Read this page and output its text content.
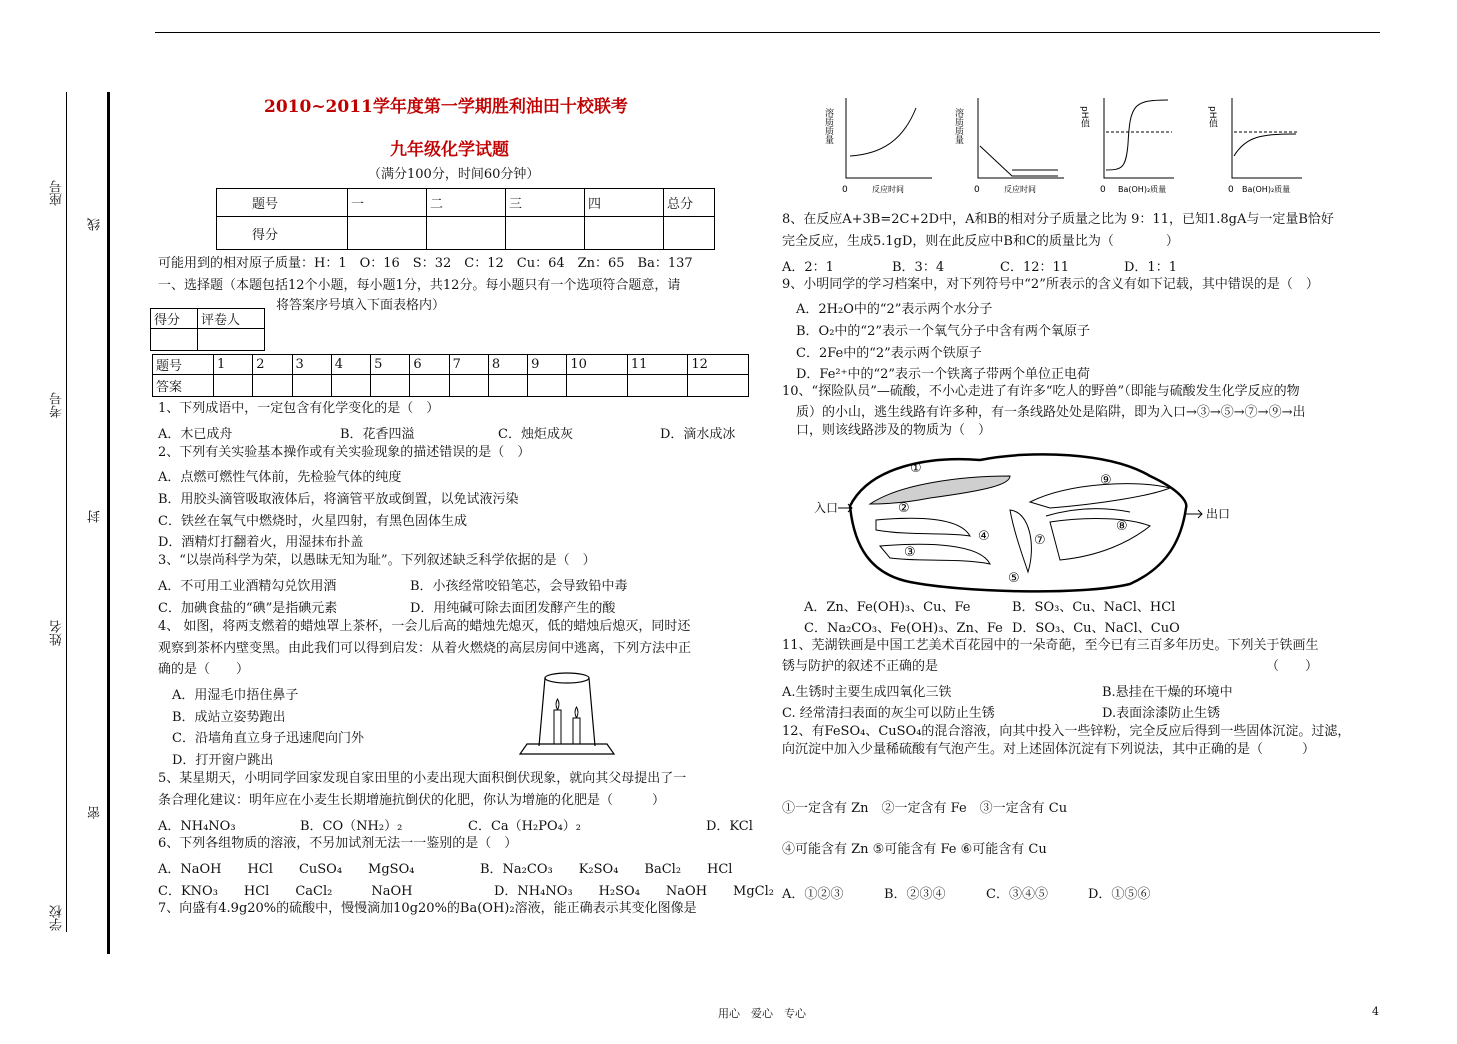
座号
考号
姓名
学校
线
封
密
2010~2011学年度第一学期胜利油田十校联考
九年级化学试题
（满分100分，时间60分钟）
题号	一	二	三	四	总分
得分					
可能用到的相对原子质量：H：1　O：16　S：32　C：12　Cu：64　Zn：65　Ba：137
一、选择题（本题包括12个小题，每小题1分，共12分。每小题只有一个选项符合题意，请
将答案序号填入下面表格内）
得分	评卷人

题号	1	2	3	4	5	6	7	8	9	10	11	12
答案												
1、下列成语中，一定包含有化学变化的是（　）
A．木已成舟	B．花香四溢	C．烛炬成灰	D．滴水成冰
2、下列有关实验基本操作或有关实验现象的描述错误的是（　）
A．点燃可燃性气体前，先检验气体的纯度
B．用胶头滴管吸取液体后，将滴管平放或倒置，以免试液污染
C．铁丝在氧气中燃烧时，火星四射，有黑色固体生成
D．酒精灯打翻着火，用湿抹布扑盖
3、“以崇尚科学为荣，以愚昧无知为耻”。下列叙述缺乏科学依据的是（　）
A．不可用工业酒精勾兑饮用酒	B．小孩经常咬铅笔芯，会导致铅中毒
C．加碘食盐的“碘”是指碘元素	D．用纯碱可除去面团发酵产生的酸
4、 如图，将两支燃着的蜡烛罩上茶杯，一会儿后高的蜡烛先熄灭，低的蜡烛后熄灭，同时还
观察到茶杯内壁变黑。由此我们可以得到启发：从着火燃烧的高层房间中逃离，下列方法中正
确的是（　　）
A．用湿毛巾捂住鼻子
B．成站立姿势跑出
C．沿墙角直立身子迅速爬向门外
D．打开窗户跳出
5、某星期天，小明同学回家发现自家田里的小麦出现大面积倒伏现象，就向其父母提出了一
条合理化建议：明年应在小麦生长期增施抗倒伏的化肥，你认为增施的化肥是（　　　）
A．NH₄NO₃	B．CO（NH₂）₂	C．Ca（H₂PO₄）₂	D．KCl
6、下列各组物质的溶液，不另加试剂无法一一鉴别的是（　）
A．NaOH　　HCl　　CuSO₄　　MgSO₄	B．Na₂CO₃　　K₂SO₄　　BaCl₂　　HCl
C．KNO₃　　HCl　　CaCl₂　　　NaOH	D．NH₄NO₃　　H₂SO₄　　NaOH　　MgCl₂
7、向盛有4.9g20%的硫酸中，慢慢滴加10g20%的Ba(OH)₂溶液，能正确表示其变化图像是
溶质质量
0	反应时间
溶质质量
0	反应时间
pH值
0 Ba(OH)₂质量
pH值
0 Ba(OH)₂质量
8、在反应A+3B=2C+2D中，A和B的相对分子质量之比为 9：11，已知1.8gA与一定量B恰好
完全反应，生成5.1gD，则在此反应中B和C的质量比为（　　　　）
A．2：1	B．3：4	C．12：11	D．1：1
9、小明同学的学习档案中，对下列符号中“2”所表示的含义有如下记载，其中错误的是（　）
A．2H₂O中的“2”表示两个水分子
B．O₂中的“2”表示一个氧气分子中含有两个氧原子
C．2Fe中的“2”表示两个铁原子
D．Fe²⁺中的“2”表示一个铁离子带两个单位正电荷
10、“探险队员”—硫酸，不小心走进了有许多“吃人的野兽”（即能与硫酸发生化学反应的物
质）的小山，逃生线路有许多种，有一条线路处处是陷阱，即为入口→③→⑤→⑦→⑨→出
口，则该线路涉及的物质为（　）
入口	出口
①
②
③
④
⑤
⑦
⑧
⑨
A．Zn、Fe(OH)₃、Cu、Fe	B．SO₃、Cu、NaCl、HCl
C．Na₂CO₃、Fe(OH)₃、Zn、Fe D．SO₃、Cu、NaCl、CuO
11、芜湖铁画是中国工艺美术百花园中的一朵奇葩，至今已有三百多年历史。下列关于铁画生
锈与防护的叙述不正确的是	（　　）
A.生锈时主要生成四氧化三铁	B.悬挂在干燥的环境中
C. 经常清扫表面的灰尘可以防止生锈	D.表面涂漆防止生锈
12、有FeSO₄、CuSO₄的混合溶液，向其中投入一些锌粉，完全反应后得到一些固体沉淀。过滤，
向沉淀中加入少量稀硫酸有气泡产生。对上述固体沉淀有下列说法，其中正确的是（　　　）
①一定含有 Zn　②一定含有 Fe　③一定含有 Cu
④可能含有 Zn ⑤可能含有 Fe ⑥可能含有 Cu
A．①②③	B．②③④	C．③④⑤	D．①⑤⑥
用心　爱心　专心	4
